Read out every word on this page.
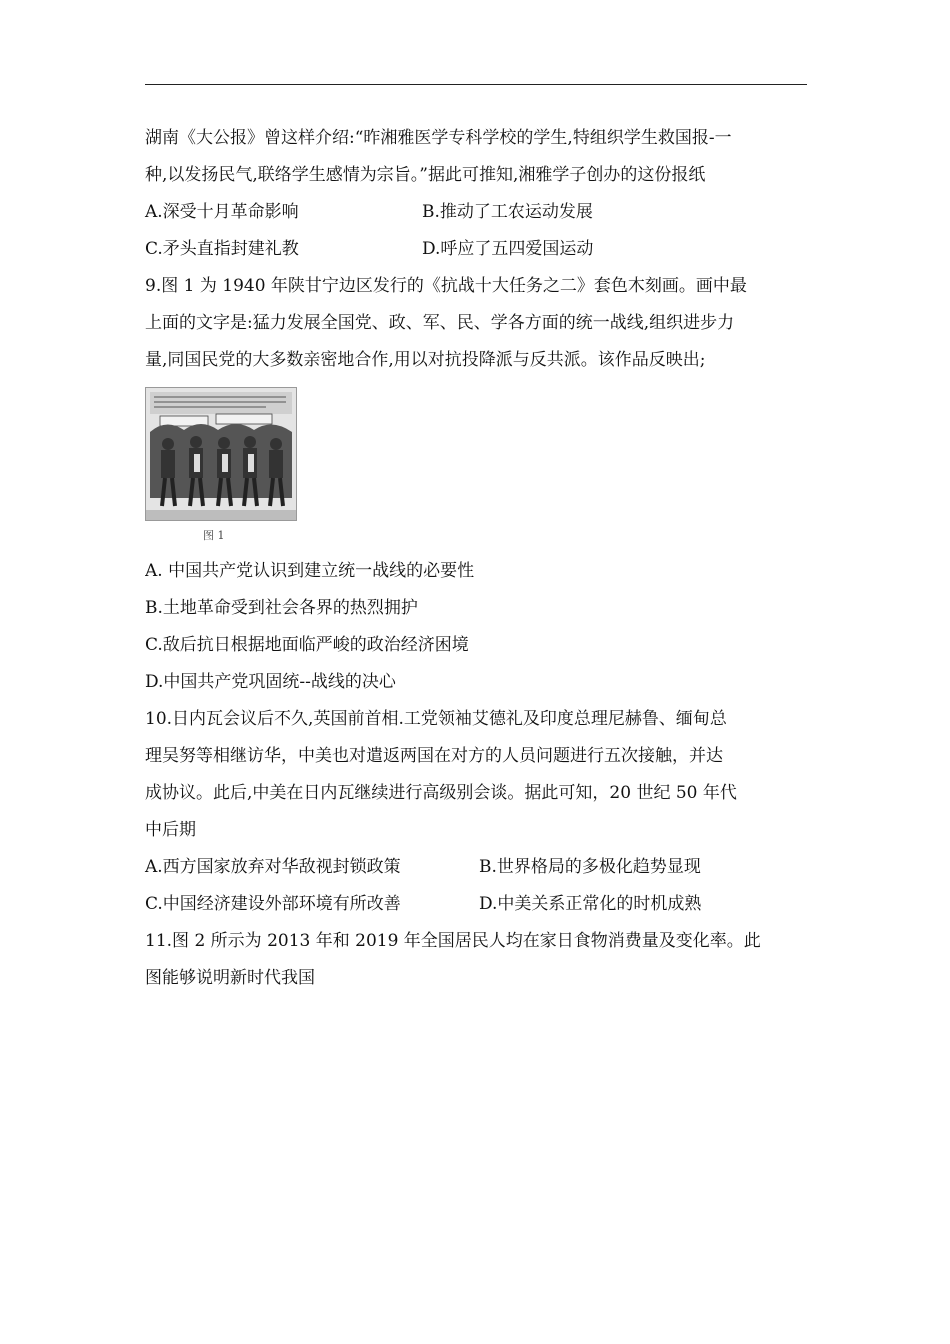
湖南《大公报》曾这样介绍:“昨湘雅医学专科学校的学生,特组织学生救国报-一
种,以发扬民气,联络学生感情为宗旨。”据此可推知,湘雅学子创办的这份报纸
A.深受十月革命影响	B.推动了工农运动发展
C.矛头直指封建礼教	D.呼应了五四爱国运动
9.图 1 为 1940 年陕甘宁边区发行的《抗战十大任务之二》套色木刻画。画中最
上面的文字是:猛力发展全国党、政、军、民、学各方面的统一战线,组织进步力
量,同国民党的大多数亲密地合作,用以对抗投降派与反共派。该作品反映出;
图 1
A. 中国共产党认识到建立统一战线的必要性
B.土地革命受到社会各界的热烈拥护
C.敌后抗日根据地面临严峻的政治经济困境
D.中国共产党巩固统--战线的决心
10.日内瓦会议后不久,英国前首相.工党领袖艾德礼及印度总理尼赫鲁、缅甸总
理吴努等相继访华，中美也对遣返两国在对方的人员问题进行五次接触，并达
成协议。此后,中美在日内瓦继续进行高级别会谈。据此可知，20 世纪 50 年代
中后期
A.西方国家放弃对华敌视封锁政策	B.世界格局的多极化趋势显现
C.中国经济建设外部环境有所改善	D.中美关系正常化的时机成熟
11.图 2 所示为 2013 年和 2019 年全国居民人均在家日食物消费量及变化率。此
图能够说明新时代我国
